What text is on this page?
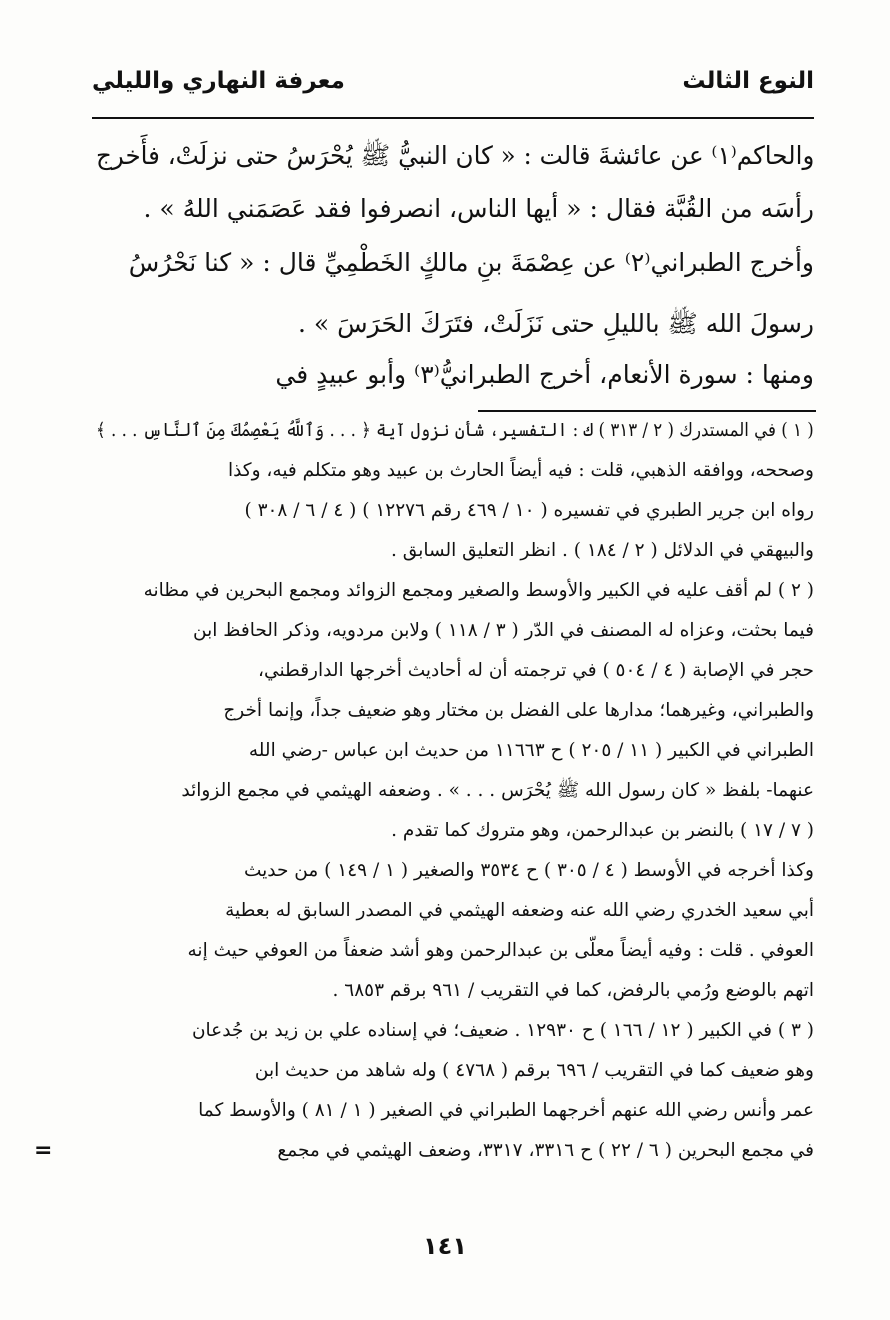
النوع الثالث
معرفة النهاري والليلي
والحاكم⁽١⁾ عن عائشةَ قالت : « كان النبيُّ ﷺ يُحْرَسُ حتى نزلَتْ، فأَخرج
رأسَه من القُبَّة فقال : « أيها الناس، انصرفوا فقد عَصَمَني اللهُ » .
وأخرج الطبراني⁽٢⁾ عن عِصْمَةَ بنِ مالكٍ الخَطْمِيِّ قال : « كنا نَحْرُسُ
رسولَ الله ﷺ بالليلِ حتى نَزَلَتْ، فتَرَكَ الحَرَسَ » .
ومنها : سورة الأنعام، أخرج الطبرانيُّ⁽٣⁾ وأبو عبيدٍ في
( ١ ) في المستدرك ( ٢ / ٣١٣ ) ك : التفسير، شأن نزول آية ﴿ . . . وَٱللَّهُ يَعْصِمُكَ مِنَ ٱلنَّاسِ . . . ﴾
وصححه، ووافقه الذهبي، قلت : فيه أيضاً الحارث بن عبيد وهو متكلم فيه، وكذا
رواه ابن جرير الطبري في تفسيره ( ١٠ / ٤٦٩ رقم ١٢٢٧٦ ) ( ٤ / ٦ / ٣٠٨ )
والبيهقي في الدلائل ( ٢ / ١٨٤ ) . انظر التعليق السابق .
( ٢ ) لم أقف عليه في الكبير والأوسط والصغير ومجمع الزوائد ومجمع البحرين في مظانه
فيما بحثت، وعزاه له المصنف في الدّر ( ٣ / ١١٨ ) ولابن مردويه، وذكر الحافظ ابن
حجر في الإصابة ( ٤ / ٥٠٤ ) في ترجمته أن له أحاديث أخرجها الدارقطني،
والطبراني، وغيرهما؛ مدارها على الفضل بن مختار وهو ضعيف جداً، وإنما أخرج
الطبراني في الكبير ( ١١ / ٢٠٥ ) ح ١١٦٦٣ من حديث ابن عباس -رضي الله
عنهما- بلفظ « كان رسول الله ﷺ يُحْرَس . . . » . وضعفه الهيثمي في مجمع الزوائد
( ٧ / ١٧ ) بالنضر بن عبدالرحمن، وهو متروك كما تقدم .
وكذا أخرجه في الأوسط ( ٤ / ٣٠٥ ) ح ٣٥٣٤ والصغير ( ١ / ١٤٩ ) من حديث
أبي سعيد الخدري رضي الله عنه وضعفه الهيثمي في المصدر السابق له بعطية
العوفي . قلت : وفيه أيضاً معلّى بن عبدالرحمن وهو أشد ضعفاً من العوفي حيث إنه
اتهم بالوضع ورُمي بالرفض، كما في التقريب / ٩٦١ برقم ٦٨٥٣ .
( ٣ ) في الكبير ( ١٢ / ١٦٦ ) ح ١٢٩٣٠ . ضعيف؛ في إسناده علي بن زيد بن جُدعان
وهو ضعيف كما في التقريب / ٦٩٦ برقم ( ٤٧٦٨ ) وله شاهد من حديث ابن
عمر وأنس رضي الله عنهم أخرجهما الطبراني في الصغير ( ١ / ٨١ ) والأوسط كما
في مجمع البحرين ( ٦ / ٢٢ ) ح ٣٣١٦، ٣٣١٧، وضعف الهيثمي في مجمع
=
١٤١
